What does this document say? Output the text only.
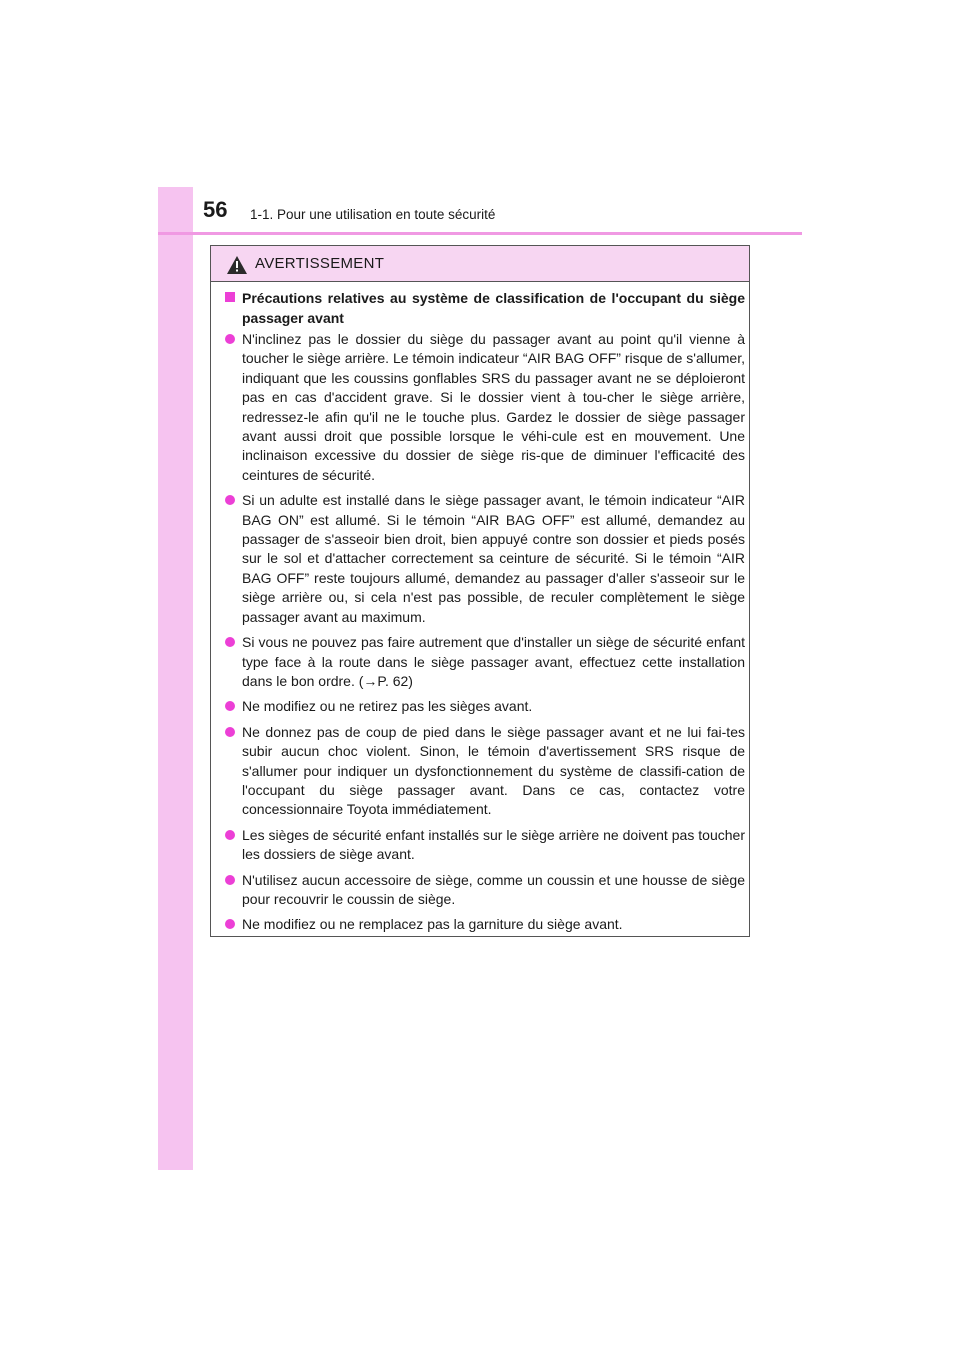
56 1-1. Pour une utilisation en toute sécurité
AVERTISSEMENT
Précautions relatives au système de classification de l'occupant du siège passager avant
N'inclinez pas le dossier du siège du passager avant au point qu'il vienne à toucher le siège arrière. Le témoin indicateur “AIR BAG OFF” risque de s'allumer, indiquant que les coussins gonflables SRS du passager avant ne se déploieront pas en cas d'accident grave. Si le dossier vient à tou-cher le siège arrière, redressez-le afin qu'il ne le touche plus. Gardez le dossier de siège passager avant aussi droit que possible lorsque le véhi-cule est en mouvement. Une inclinaison excessive du dossier de siège ris-que de diminuer l'efficacité des ceintures de sécurité.
Si un adulte est installé dans le siège passager avant, le témoin indicateur “AIR BAG ON” est allumé. Si le témoin “AIR BAG OFF” est allumé, demandez au passager de s'asseoir bien droit, bien appuyé contre son dossier et pieds posés sur le sol et d'attacher correctement sa ceinture de sécurité. Si le témoin “AIR BAG OFF” reste toujours allumé, demandez au passager d'aller s'asseoir sur le siège arrière ou, si cela n'est pas possible, de reculer complètement le siège passager avant au maximum.
Si vous ne pouvez pas faire autrement que d'installer un siège de sécurité enfant type face à la route dans le siège passager avant, effectuez cette installation dans le bon ordre. (→P. 62)
Ne modifiez ou ne retirez pas les sièges avant.
Ne donnez pas de coup de pied dans le siège passager avant et ne lui fai-tes subir aucun choc violent. Sinon, le témoin d'avertissement SRS risque de s'allumer pour indiquer un dysfonctionnement du système de classifi-cation de l'occupant du siège passager avant. Dans ce cas, contactez votre concessionnaire Toyota immédiatement.
Les sièges de sécurité enfant installés sur le siège arrière ne doivent pas toucher les dossiers de siège avant.
N'utilisez aucun accessoire de siège, comme un coussin et une housse de siège pour recouvrir le coussin de siège.
Ne modifiez ou ne remplacez pas la garniture du siège avant.
